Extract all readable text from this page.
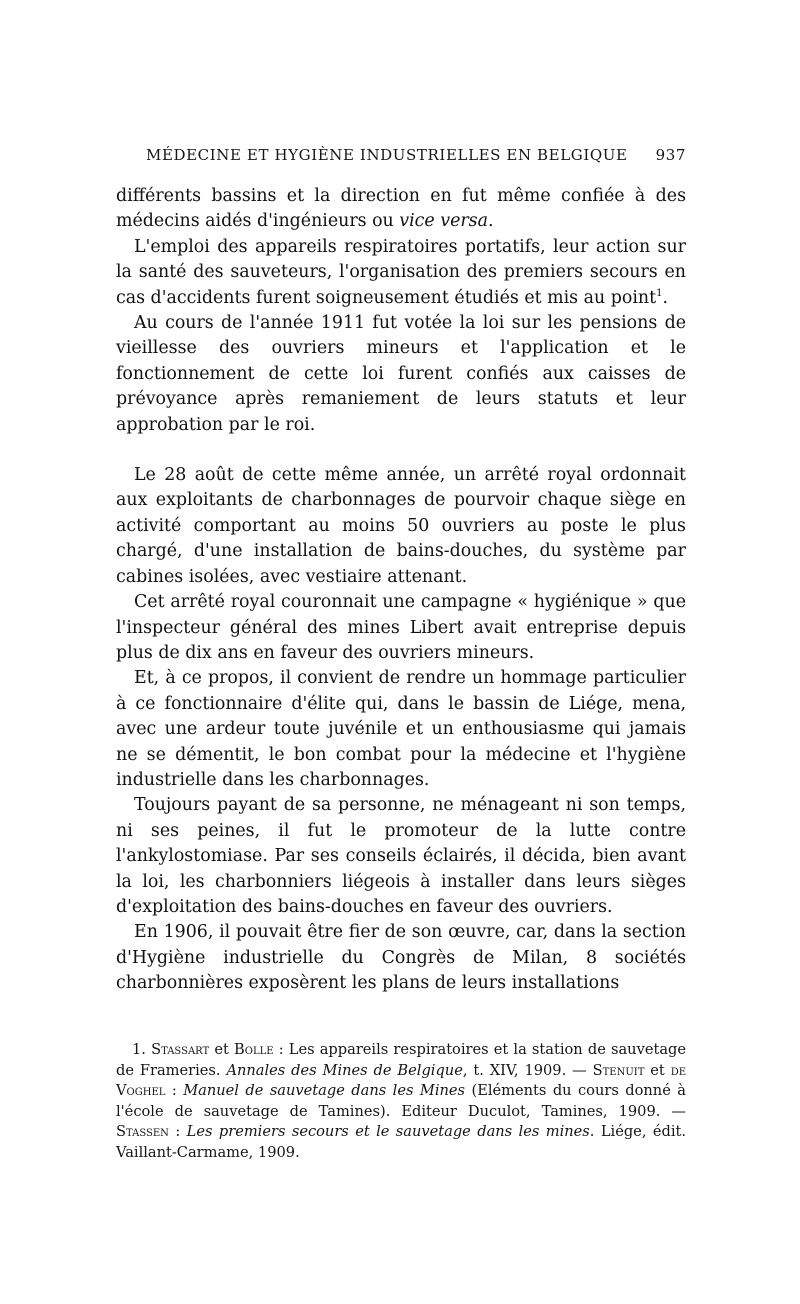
MÉDECINE ET HYGIÈNE INDUSTRIELLES EN BELGIQUE 937

différents bassins et la direction en fut même confiée à des médecins aidés d'ingénieurs ou vice versa.

L'emploi des appareils respiratoires portatifs, leur action sur la santé des sauveteurs, l'organisation des premiers secours en cas d'accidents furent soigneusement étudiés et mis au point$^1$.

Au cours de l'année 1911 fut votée la loi sur les pensions de vieillesse des ouvriers mineurs et l'application et le fonctionnement de cette loi furent confiés aux caisses de prévoyance après remaniement de leurs statuts et leur approbation par le roi.

Le 28 août de cette même année, un arrêté royal ordonnait aux exploitants de charbonnages de pourvoir chaque siège en activité comportant au moins 50 ouvriers au poste le plus chargé, d'une installation de bains-douches, du système par cabines isolées, avec vestiaire attenant.

Cet arrêté royal couronnait une campagne « hygiénique » que l'inspecteur général des mines Libert avait entreprise depuis plus de dix ans en faveur des ouvriers mineurs.

Et, à ce propos, il convient de rendre un hommage particulier à ce fonctionnaire d'élite qui, dans le bassin de Liége, mena, avec une ardeur toute juvénile et un enthousiasme qui jamais ne se démentit, le bon combat pour la médecine et l'hygiène industrielle dans les charbonnages.

Toujours payant de sa personne, ne ménageant ni son temps, ni ses peines, il fut le promoteur de la lutte contre l'ankylostomiase. Par ses conseils éclairés, il décida, bien avant la loi, les charbonniers liégeois à installer dans leurs sièges d'exploitation des bains-douches en faveur des ouvriers.

En 1906, il pouvait être fier de son œuvre, car, dans la section d'Hygiène industrielle du Congrès de Milan, 8 sociétés charbonnières exposèrent les plans de leurs installations

1. Stassart et Bolle : Les appareils respiratoires et la station de sauvetage de Frameries. Annales des Mines de Belgique, t. XIV, 1909. — Stenuit et de Voghel : Manuel de sauvetage dans les Mines (Eléments du cours donné à l'école de sauvetage de Tamines). Editeur Duculot, Tamines, 1909. — Stassen : Les premiers secours et le sauvetage dans les mines. Liége, édit. Vaillant-Carmame, 1909.
